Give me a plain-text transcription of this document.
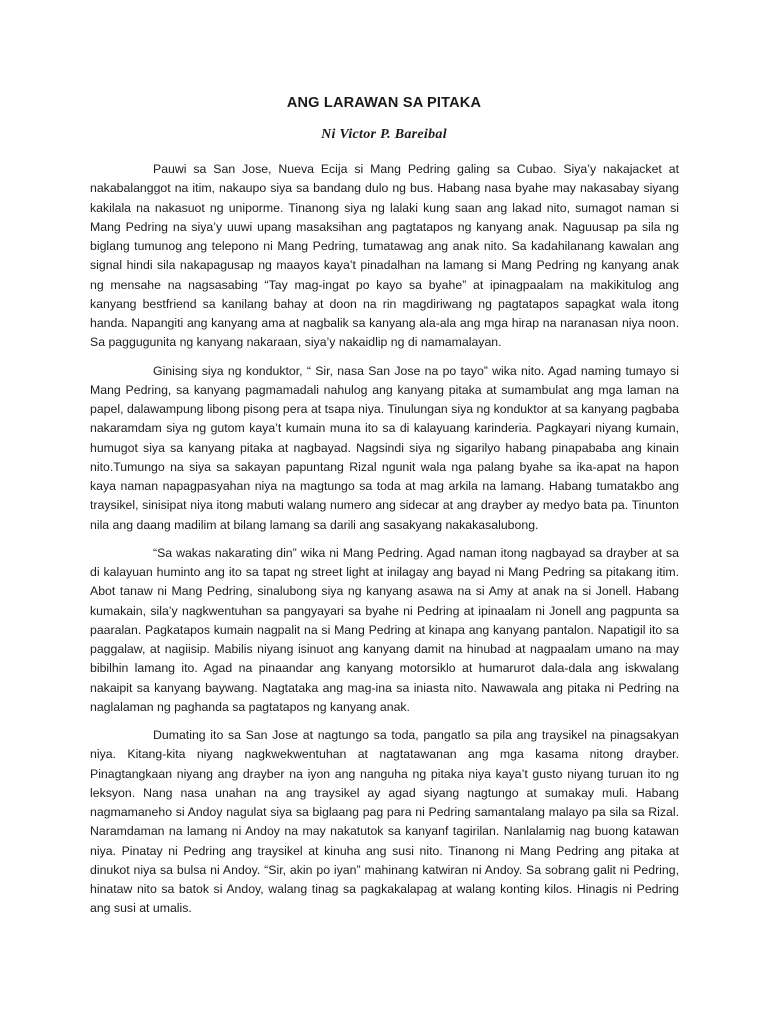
ANG LARAWAN SA PITAKA
Ni Victor P. Bareibal

Pauwi sa San Jose, Nueva Ecija si Mang Pedring galing sa Cubao. Siya’y nakajacket at nakabalanggot na itim, nakaupo siya sa bandang dulo ng bus. Habang nasa byahe may nakasabay siyang kakilala na nakasuot ng uniporme. Tinanong siya ng lalaki kung saan ang lakad nito, sumagot naman si Mang Pedring na siya’y uuwi upang masaksihan ang pagtatapos ng kanyang anak. Naguusap pa sila ng biglang tumunog ang telepono ni Mang Pedring, tumatawag ang anak nito. Sa kadahilanang kawalan ang signal hindi sila nakapagusap ng maayos kaya’t pinadalhan na lamang si Mang Pedring ng kanyang anak ng mensahe na nagsasabing “Tay mag-ingat po kayo sa byahe” at ipinagpaalam na makikitulog ang kanyang bestfriend sa kanilang bahay at doon na rin magdiriwang ng pagtatapos sapagkat wala itong handa. Napangiti ang kanyang ama at nagbalik sa kanyang ala-ala ang mga hirap na naranasan niya noon. Sa paggugunita ng kanyang nakaraan, siya’y nakaidlip ng di namamalayan.

Ginising siya ng konduktor, “ Sir, nasa San Jose na po tayo” wika nito. Agad naming tumayo si Mang Pedring, sa kanyang pagmamadali nahulog ang kanyang pitaka at sumambulat ang mga laman na papel, dalawampung libong pisong pera at tsapa niya. Tinulungan siya ng konduktor at sa kanyang pagbaba nakaramdam siya ng gutom kaya’t kumain muna ito sa di kalayuang karinderia. Pagkayari niyang kumain, humugot siya sa kanyang pitaka at nagbayad. Nagsindi siya ng sigarilyo habang pinapababa ang kinain nito.Tumungo na siya sa sakayan papuntang Rizal ngunit wala nga palang byahe sa ika-apat na hapon kaya naman napagpasyahan niya na magtungo sa toda at mag arkila na lamang. Habang tumatakbo ang traysikel, sinisipat niya itong mabuti walang numero ang sidecar at ang drayber ay medyo bata pa. Tinunton nila ang daang madilim at bilang lamang sa darili ang sasakyang nakakasalubong.

“Sa wakas nakarating din” wika ni Mang Pedring. Agad naman itong nagbayad sa drayber at sa di kalayuan huminto ang ito sa tapat ng street light at inilagay ang bayad ni Mang Pedring sa pitakang itim. Abot tanaw ni Mang Pedring, sinalubong siya ng kanyang asawa na si Amy at anak na si Jonell. Habang kumakain, sila’y nagkwentuhan sa pangyayari sa byahe ni Pedring at ipinaalam ni Jonell ang pagpunta sa paaralan. Pagkatapos kumain nagpalit na si Mang Pedring at kinapa ang kanyang pantalon. Napatigil ito sa paggalaw, at nagiisip. Mabilis niyang isinuot ang kanyang damit na hinubad at nagpaalam umano na may bibilhin lamang ito. Agad na pinaandar ang kanyang motorsiklo at humarurot dala-dala ang iskwalang nakaipit sa kanyang baywang. Nagtataka ang mag-ina sa iniasta nito. Nawawala ang pitaka ni Pedring na naglalaman ng paghanda sa pagtatapos ng kanyang anak.

Dumating ito sa San Jose at nagtungo sa toda, pangatlo sa pila ang traysikel na pinagsakyan niya. Kitang-kita niyang nagkwekwentuhan at nagtatawanan ang mga kasama nitong drayber. Pinagtangkaan niyang ang drayber na iyon ang nanguha ng pitaka niya kaya’t gusto niyang turuan ito ng leksyon. Nang nasa unahan na ang traysikel ay agad siyang nagtungo at sumakay muli. Habang nagmamaneho si Andoy nagulat siya sa biglaang pag para ni Pedring samantalang malayo pa sila sa Rizal. Naramdaman na lamang ni Andoy na may nakatutok sa kanyanf tagirilan. Nanlalamig nag buong katawan niya. Pinatay ni Pedring ang traysikel at kinuha ang susi nito. Tinanong ni Mang Pedring ang pitaka at dinukot niya sa bulsa ni Andoy. “Sir, akin po iyan” mahinang katwiran ni Andoy. Sa sobrang galit ni Pedring, hinataw nito sa batok si Andoy, walang tinag sa pagkakalapag at walang konting kilos. Hinagis ni Pedring ang susi at umalis.
